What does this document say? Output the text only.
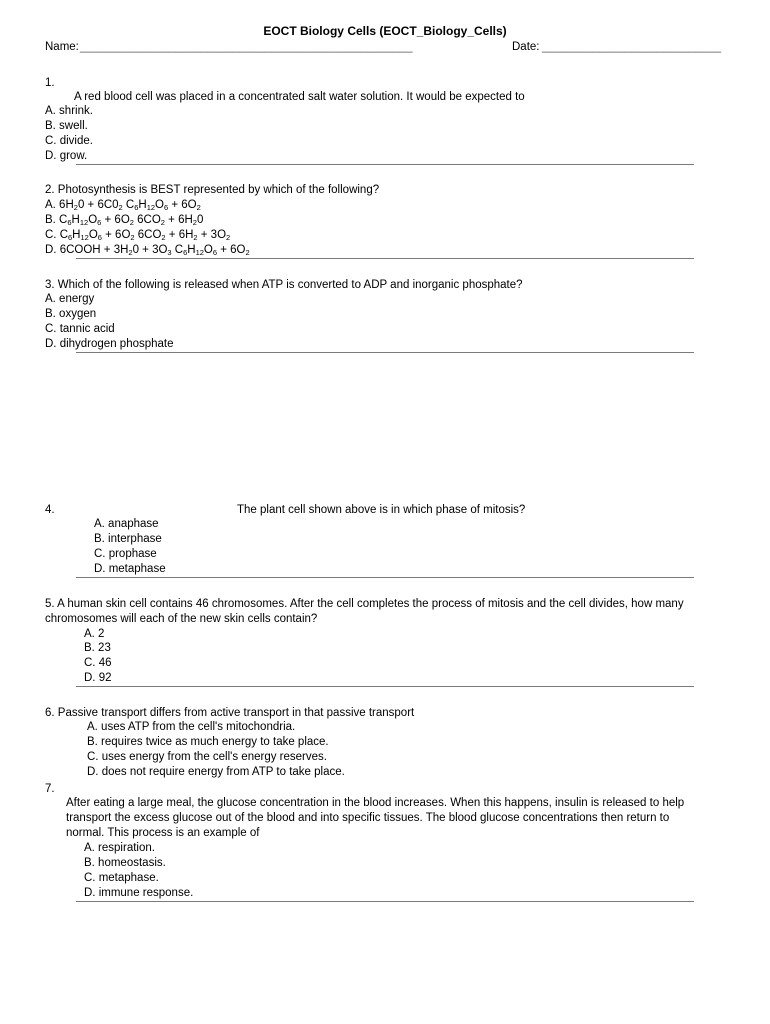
EOCT Biology Cells (EOCT_Biology_Cells)
Name: ____________________________________________________	Date: ____________________________
1.
A red blood cell was placed in a concentrated salt water solution. It would be expected to
A. shrink.
B. swell.
C. divide.
D. grow.
2. Photosynthesis is BEST represented by which of the following?
A. $6H_20 + 6C0_2$ $C_6H_{12}O_6 + 6O_2$
B. $C_6H_{12}O_6 + 6O_2$ $6CO_2 + 6H_20$
C. $C_6H_{12}O_6 + 6O_2$ $6CO_2 + 6H_2 + 3O_2$
D. 6COOH + $3H_20 + 3O_3$ $C_6H_{12}O_6 + 6O_2$
3. Which of the following is released when ATP is converted to ADP and inorganic phosphate?
A. energy
B. oxygen
C. tannic acid
D. dihydrogen phosphate
4.	The plant cell shown above is in which phase of mitosis?
A. anaphase
B. interphase
C. prophase
D. metaphase
5. A human skin cell contains 46 chromosomes. After the cell completes the process of mitosis and the cell divides, how many chromosomes will each of the new skin cells contain?
A. 2
B. 23
C. 46
D. 92
6. Passive transport differs from active transport in that passive transport
A. uses ATP from the cell's mitochondria.
B. requires twice as much energy to take place.
C. uses energy from the cell's energy reserves.
D. does not require energy from ATP to take place.
7.
After eating a large meal, the glucose concentration in the blood increases. When this happens, insulin is released to help transport the excess glucose out of the blood and into specific tissues. The blood glucose concentrations then return to normal. This process is an example of
A. respiration.
B. homeostasis.
C. metaphase.
D. immune response.
